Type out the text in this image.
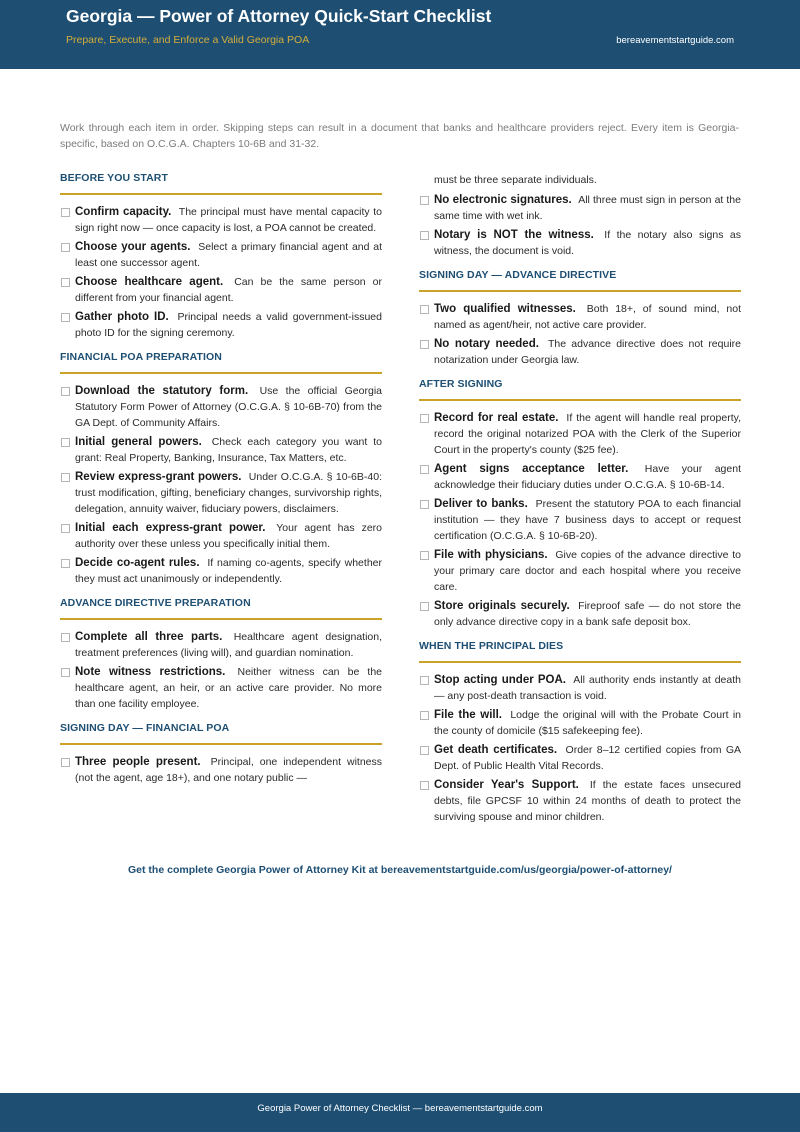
Georgia — Power of Attorney Quick-Start Checklist
Prepare, Execute, and Enforce a Valid Georgia POA	bereavementstartguide.com
Work through each item in order. Skipping steps can result in a document that banks and healthcare providers reject. Every item is Georgia-specific, based on O.C.G.A. Chapters 10-6B and 31-32.
BEFORE YOU START
Confirm capacity. The principal must have mental capacity to sign right now — once capacity is lost, a POA cannot be created.
Choose your agents. Select a primary financial agent and at least one successor agent.
Choose healthcare agent. Can be the same person or different from your financial agent.
Gather photo ID. Principal needs a valid government-issued photo ID for the signing ceremony.
FINANCIAL POA PREPARATION
Download the statutory form. Use the official Georgia Statutory Form Power of Attorney (O.C.G.A. § 10-6B-70) from the GA Dept. of Community Affairs.
Initial general powers. Check each category you want to grant: Real Property, Banking, Insurance, Tax Matters, etc.
Review express-grant powers. Under O.C.G.A. § 10-6B-40: trust modification, gifting, beneficiary changes, survivorship rights, delegation, annuity waiver, fiduciary powers, disclaimers.
Initial each express-grant power. Your agent has zero authority over these unless you specifically initial them.
Decide co-agent rules. If naming co-agents, specify whether they must act unanimously or independently.
ADVANCE DIRECTIVE PREPARATION
Complete all three parts. Healthcare agent designation, treatment preferences (living will), and guardian nomination.
Note witness restrictions. Neither witness can be the healthcare agent, an heir, or an active care provider. No more than one facility employee.
SIGNING DAY — FINANCIAL POA
Three people present. Principal, one independent witness (not the agent, age 18+), and one notary public —
must be three separate individuals.
No electronic signatures. All three must sign in person at the same time with wet ink.
Notary is NOT the witness. If the notary also signs as witness, the document is void.
SIGNING DAY — ADVANCE DIRECTIVE
Two qualified witnesses. Both 18+, of sound mind, not named as agent/heir, not active care provider.
No notary needed. The advance directive does not require notarization under Georgia law.
AFTER SIGNING
Record for real estate. If the agent will handle real property, record the original notarized POA with the Clerk of the Superior Court in the property's county ($25 fee).
Agent signs acceptance letter. Have your agent acknowledge their fiduciary duties under O.C.G.A. § 10-6B-14.
Deliver to banks. Present the statutory POA to each financial institution — they have 7 business days to accept or request certification (O.C.G.A. § 10-6B-20).
File with physicians. Give copies of the advance directive to your primary care doctor and each hospital where you receive care.
Store originals securely. Fireproof safe — do not store the only advance directive copy in a bank safe deposit box.
WHEN THE PRINCIPAL DIES
Stop acting under POA. All authority ends instantly at death — any post-death transaction is void.
File the will. Lodge the original will with the Probate Court in the county of domicile ($15 safekeeping fee).
Get death certificates. Order 8–12 certified copies from GA Dept. of Public Health Vital Records.
Consider Year's Support. If the estate faces unsecured debts, file GPCSF 10 within 24 months of death to protect the surviving spouse and minor children.
Get the complete Georgia Power of Attorney Kit at bereavementstartguide.com/us/georgia/power-of-attorney/
Georgia Power of Attorney Checklist — bereavementstartguide.com
